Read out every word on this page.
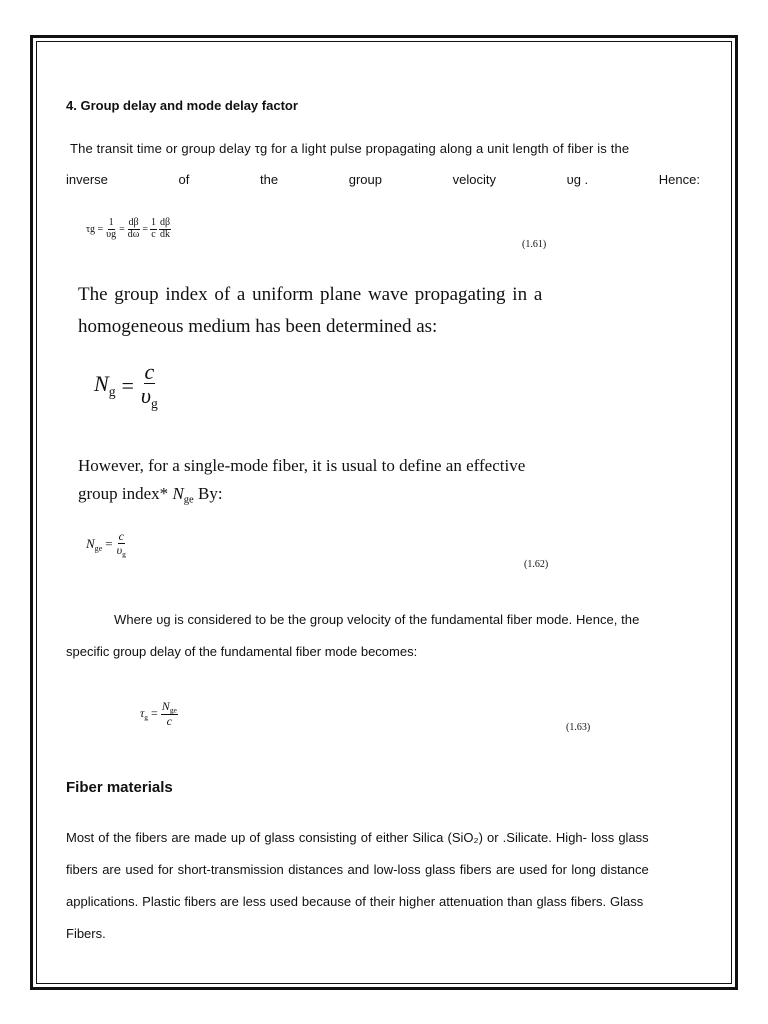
4. Group delay and mode delay factor
The transit time or group delay τg for a light pulse propagating along a unit length of fiber is the
inverse	of	the	group	velocity	υg .	Hence:
$\tau g = \frac{1}{\upsilon g} = \frac{d\beta}{d\omega} = \frac{1}{c} \frac{d\beta}{dk}$
(1.61)
The group index of a uniform plane wave propagating in a
homogeneous medium has been determined as:
$N_g = \frac{c}{\upsilon_g}$
However, for a single-mode fiber, it is usual to define an effective
group index* $N_{ge}$ By:
$N_{ge} = \frac{c}{\upsilon_g}$
(1.62)
Where υg is considered to be the group velocity of the fundamental fiber mode. Hence, the
specific group delay of the fundamental fiber mode becomes:
$\tau_g = \frac{N_{ge}}{c}$	(1.63)
Fiber materials
Most of the fibers are made up of glass consisting of either Silica (SiO₂) or .Silicate. High- loss glass
fibers are used for short-transmission distances and low-loss glass fibers are used for long distance
applications. Plastic fibers are less used because of their higher attenuation than glass fibers. Glass
Fibers.
